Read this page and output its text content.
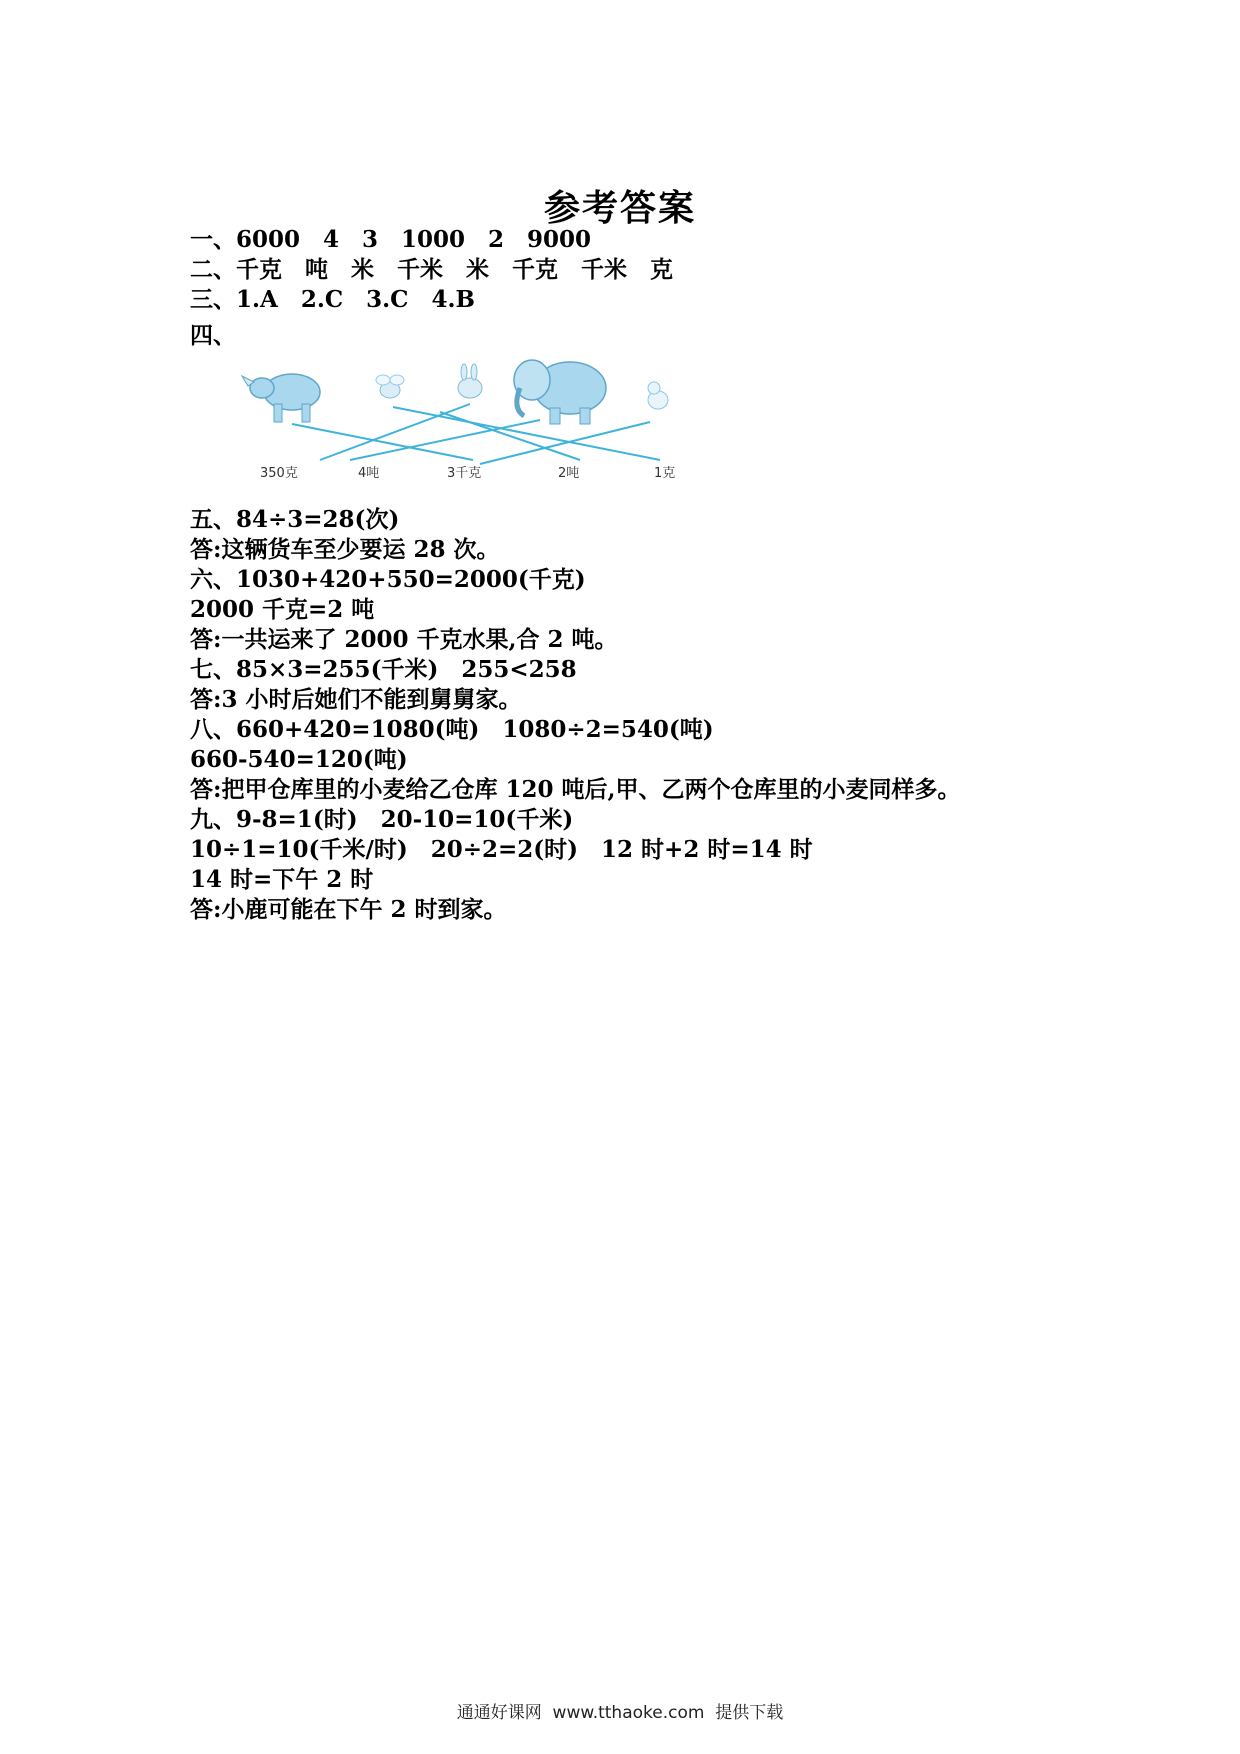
参考答案
一、6000　4　3　1000　2　9000
二、千克　吨　米　千米　米　千克　千米　克
三、1.A　2.C　3.C　4.B
四、
350克	4吨	3千克	2吨	1克
五、84÷3=28(次)
答:这辆货车至少要运 28 次。
六、1030+420+550=2000(千克)
2000 千克=2 吨
答:一共运来了 2000 千克水果,合 2 吨。
七、85×3=255(千米)　255<258
答:3 小时后她们不能到舅舅家。
八、660+420=1080(吨)　1080÷2=540(吨)
660-540=120(吨)
答:把甲仓库里的小麦给乙仓库 120 吨后,甲、乙两个仓库里的小麦同样多。
九、9-8=1(时)　20-10=10(千米)
10÷1=10(千米/时)　20÷2=2(时)　12 时+2 时=14 时
14 时=下午 2 时
答:小鹿可能在下午 2 时到家。
通通好课网  www.tthaoke.com  提供下载
